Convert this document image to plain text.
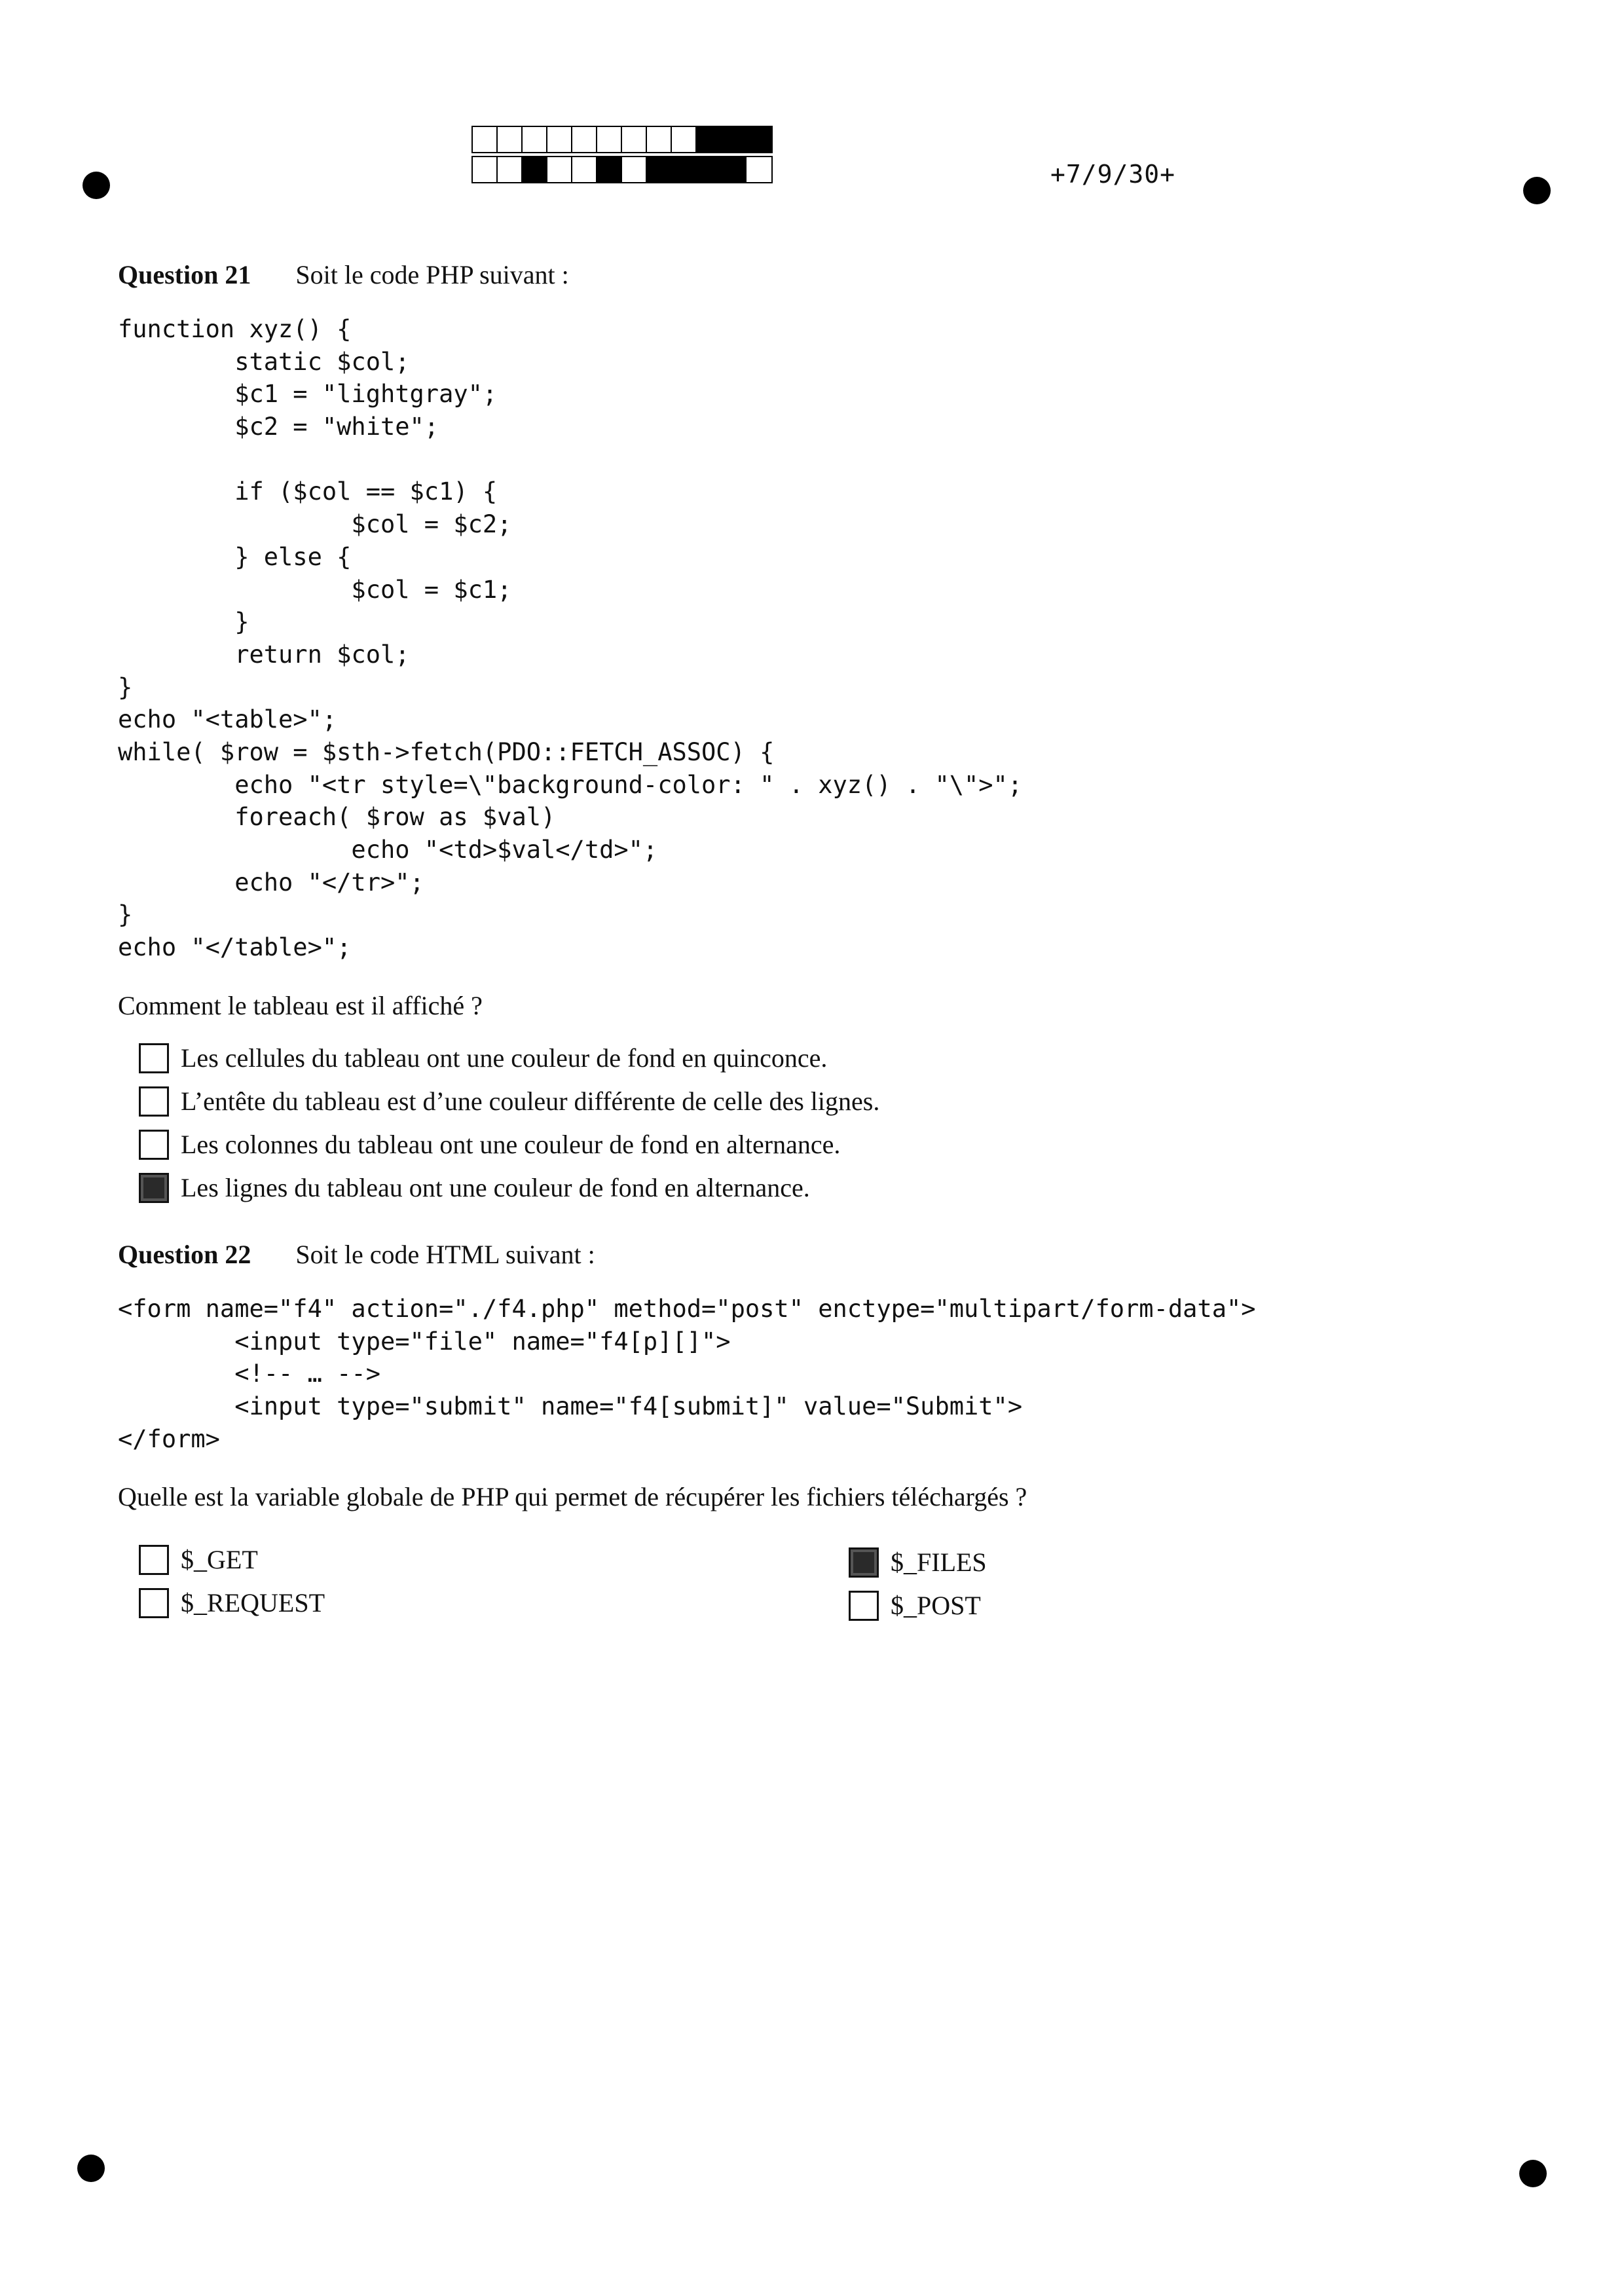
+7/9/30+
Question 21 Soit le code PHP suivant :
function xyz() {
static $col;
$c1 = "lightgray";
$c2 = "white";
if ($col == $c1) {
$col = $c2;
} else {
$col = $c1;
}
return $col;
}
echo "<table>";
while( $row = $sth->fetch(PDO::FETCH_ASSOC) {
echo "<tr style=\"background-color: " . xyz() . "\">";
foreach( $row as $val)
echo "<td>$val</td>";
echo "</tr>";
}
echo "</table>";
Comment le tableau est il affiché ?
Les cellules du tableau ont une couleur de fond en quinconce.
L’entête du tableau est d’une couleur différente de celle des lignes.
Les colonnes du tableau ont une couleur de fond en alternance.
Les lignes du tableau ont une couleur de fond en alternance.
Question 22 Soit le code HTML suivant :
<form name="f4" action="./f4.php" method="post" enctype="multipart/form-data">
<input type="file" name="f4[p][]">
<!-- … -->
<input type="submit" name="f4[submit]" value="Submit">
</form>
Quelle est la variable globale de PHP qui permet de récupérer les fichiers téléchargés ?
$_GET
$_REQUEST
$_FILES
$_POST
